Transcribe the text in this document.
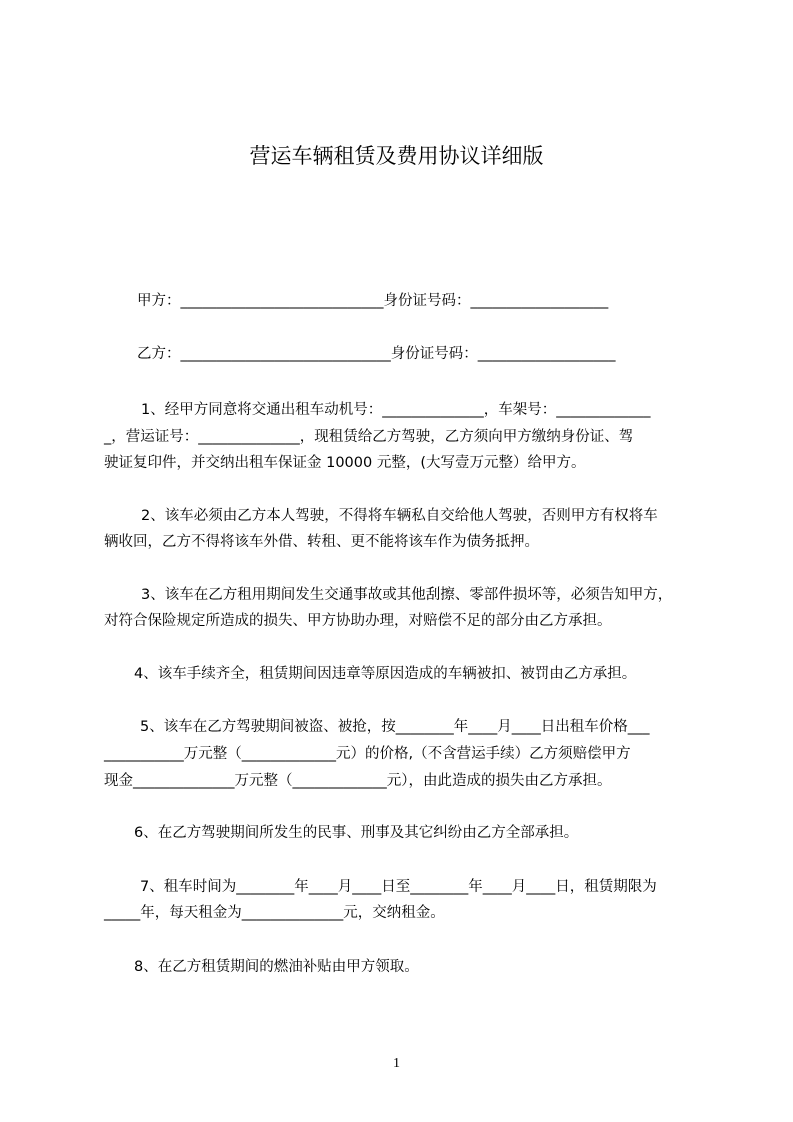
营运车辆租赁及费用协议详细版
甲方：____________________________身份证号码：___________________
乙方：_____________________________身份证号码：___________________
1、经甲方同意将交通出租车动机号：______________，车架号：_____________
_，营运证号：______________，现租赁给乙方驾驶，乙方须向甲方缴纳身份证、驾
驶证复印件，并交纳出租车保证金 10000 元整，(大写壹万元整）给甲方。
2、该车必须由乙方本人驾驶，不得将车辆私自交给他人驾驶，否则甲方有权将车
辆收回，乙方不得将该车外借、转租、更不能将该车作为债务抵押。
3、该车在乙方租用期间发生交通事故或其他刮擦、零部件损坏等，必须告知甲方，
对符合保险规定所造成的损失、甲方协助办理，对赔偿不足的部分由乙方承担。
4、该车手续齐全，租赁期间因违章等原因造成的车辆被扣、被罚由乙方承担。
5、该车在乙方驾驶期间被盗、被抢，按________年____月____日出租车价格___
___________万元整（_____________元）的价格,（不含营运手续）乙方须赔偿甲方
现金______________万元整（_____________元），由此造成的损失由乙方承担。
6、在乙方驾驶期间所发生的民事、刑事及其它纠纷由乙方全部承担。
7、租车时间为________年____月____日至________年____月____日，租赁期限为
_____年，每天租金为______________元，交纳租金。
8、在乙方租赁期间的燃油补贴由甲方领取。
1
